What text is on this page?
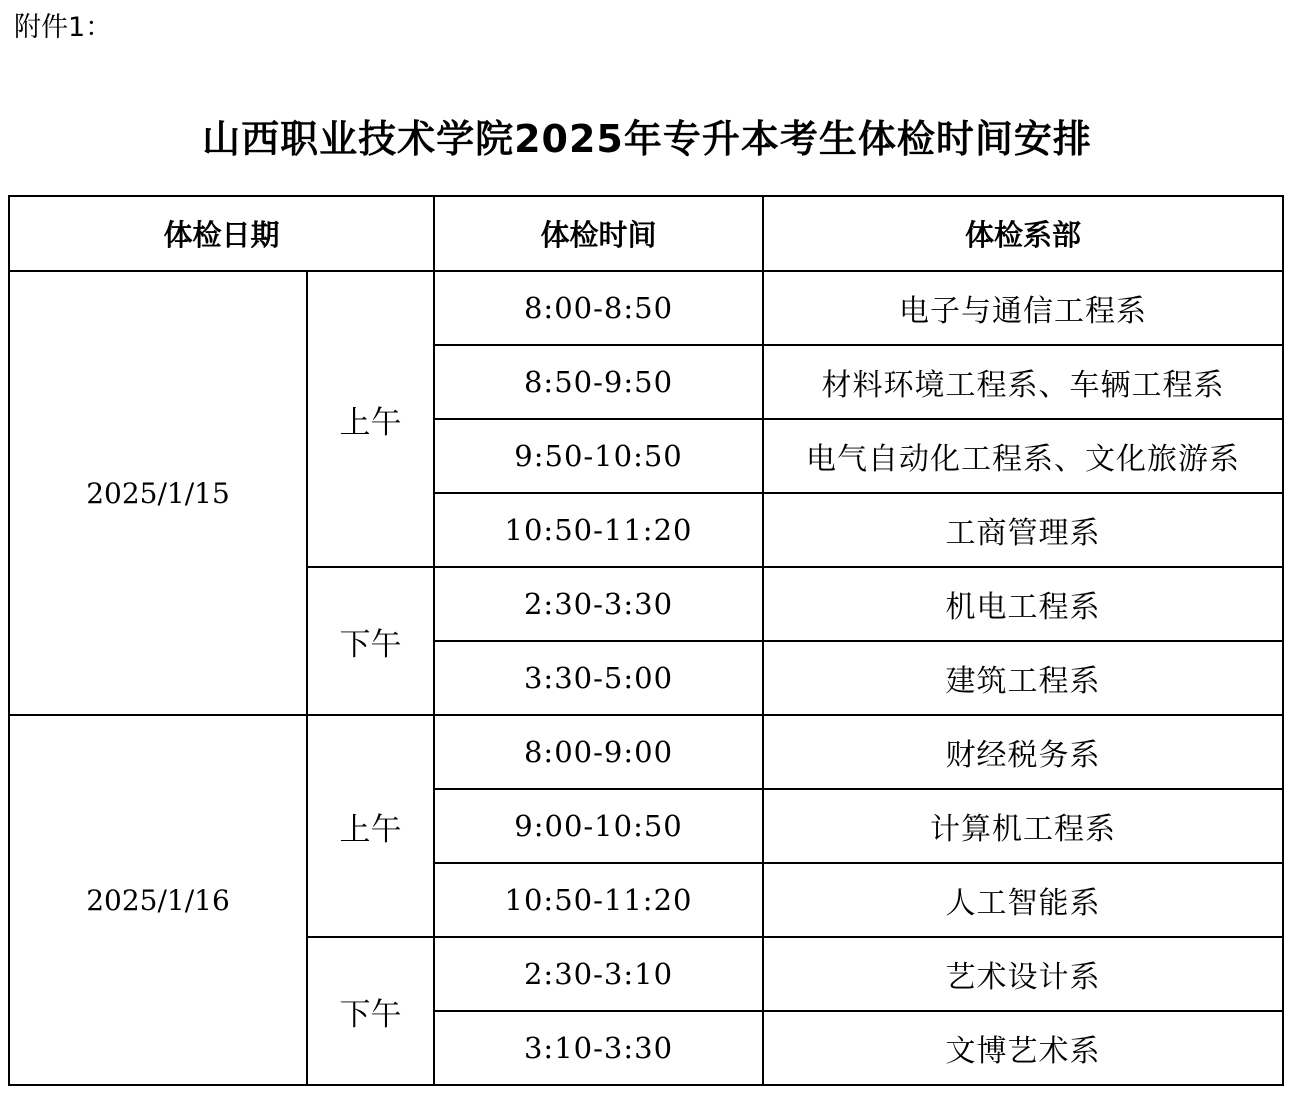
附件1：
山西职业技术学院2025年专升本考生体检时间安排
体检日期		体检时间	体检系部
2025/1/15	上午	8:00-8:50	电子与通信工程系
		8:50-9:50	材料环境工程系、车辆工程系
		9:50-10:50	电气自动化工程系、文化旅游系
		10:50-11:20	工商管理系
	下午	2:30-3:30	机电工程系
		3:30-5:00	建筑工程系
2025/1/16	上午	8:00-9:00	财经税务系
		9:00-10:50	计算机工程系
		10:50-11:20	人工智能系
	下午	2:30-3:10	艺术设计系
		3:10-3:30	文博艺术系
